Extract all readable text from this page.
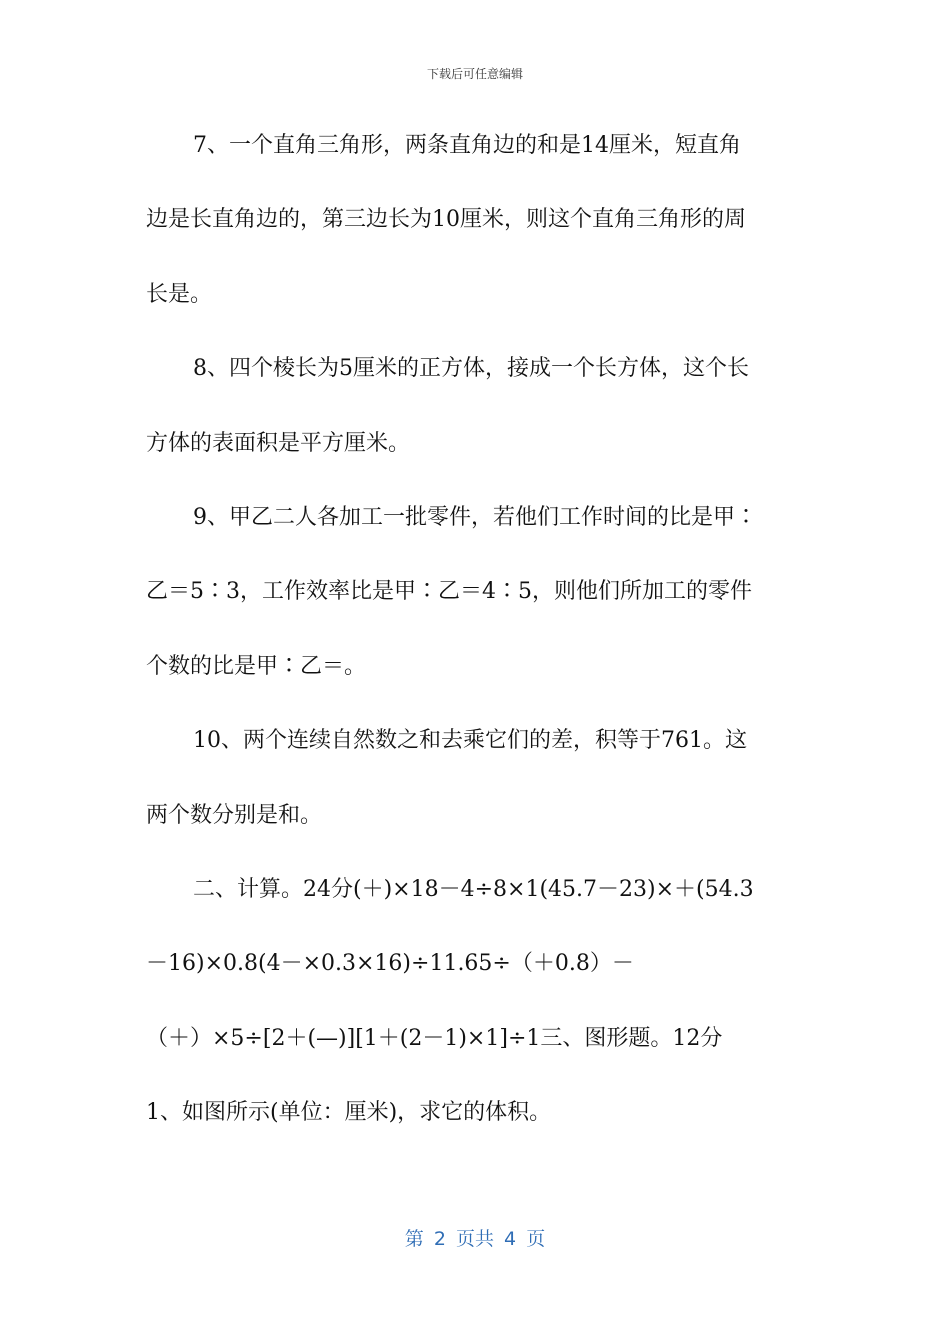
下载后可任意编辑
7、一个直角三角形，两条直角边的和是14厘米，短直角
边是长直角边的，第三边长为10厘米，则这个直角三角形的周
长是。
8、四个棱长为5厘米的正方体，接成一个长方体，这个长
方体的表面积是平方厘米。
9、甲乙二人各加工一批零件，若他们工作时间的比是甲∶
乙＝5∶3，工作效率比是甲∶乙＝4∶5，则他们所加工的零件
个数的比是甲∶乙＝。
10、两个连续自然数之和去乘它们的差，积等于761。这
两个数分别是和。
二、计算。24分(＋)×18－4÷8×1(45.7－23)×＋(54.3
－16)×0.8(4－×0.3×16)÷11.65÷（＋0.8）－
（＋）×5÷[2＋(—)][1＋(2－1)×1]÷1三、图形题。12分
1、如图所示(单位：厘米)，求它的体积。
第 2 页共 4 页
